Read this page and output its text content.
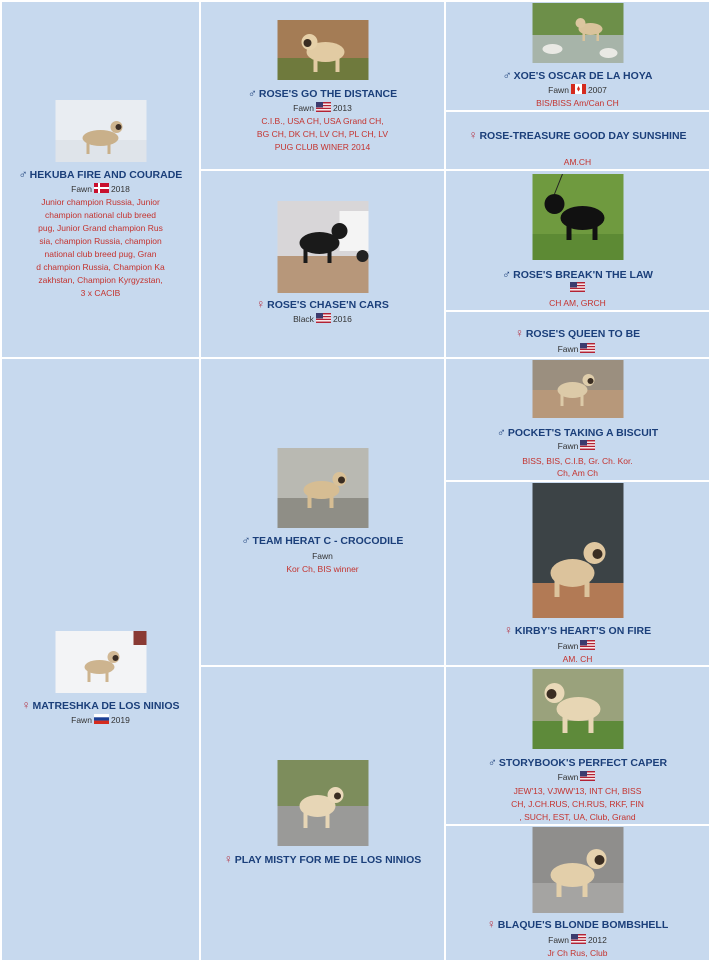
♂ HEKUBA FIRE AND COURADE
Fawn 2018
Junior champion Russia, Junior
champion national club breed
pug, Junior Grand champion Rus
sia, champion Russia, champion
national club breed pug, Gran
d champion Russia, Champion Ka
zakhstan, Champion Kyrgyzstan,
3 x CACIB
♀ MATRESHKA DE LOS NINIOS
Fawn 2019
♂ ROSE'S GO THE DISTANCE
Fawn 2013
C.I.B., USA CH, USA Grand CH,
BG CH, DK CH, LV CH, PL CH, LV
PUG CLUB WINER 2014
♀ ROSE'S CHASE'N CARS
Black 2016
♂ TEAM HERAT C - CROCODILE
Fawn
Kor Ch, BIS winner
♀ PLAY MISTY FOR ME DE LOS NINIOS
♂ XOE'S OSCAR DE LA HOYA
Fawn 2007
BIS/BISS Am/Can CH
♀ ROSE-TREASURE GOOD DAY SUNSHINE
AM.CH
♂ ROSE'S BREAK'N THE LAW
CH AM, GRCH
♀ ROSE'S QUEEN TO BE
Fawn
♂ POCKET'S TAKING A BISCUIT
Fawn
BISS, BIS, C.I.B, Gr. Ch. Kor.
Ch, Am Ch
♀ KIRBY'S HEART'S ON FIRE
Fawn
AM. CH
♂ STORYBOOK'S PERFECT CAPER
Fawn
JEW'13, VJWW'13, INT CH, BISS
CH, J.CH.RUS, CH.RUS, RKF, FIN
, SUCH, EST, UA, Club, Grand
♀ BLAQUE'S BLONDE BOMBSHELL
Fawn 2012
Jr Ch Rus, Club
